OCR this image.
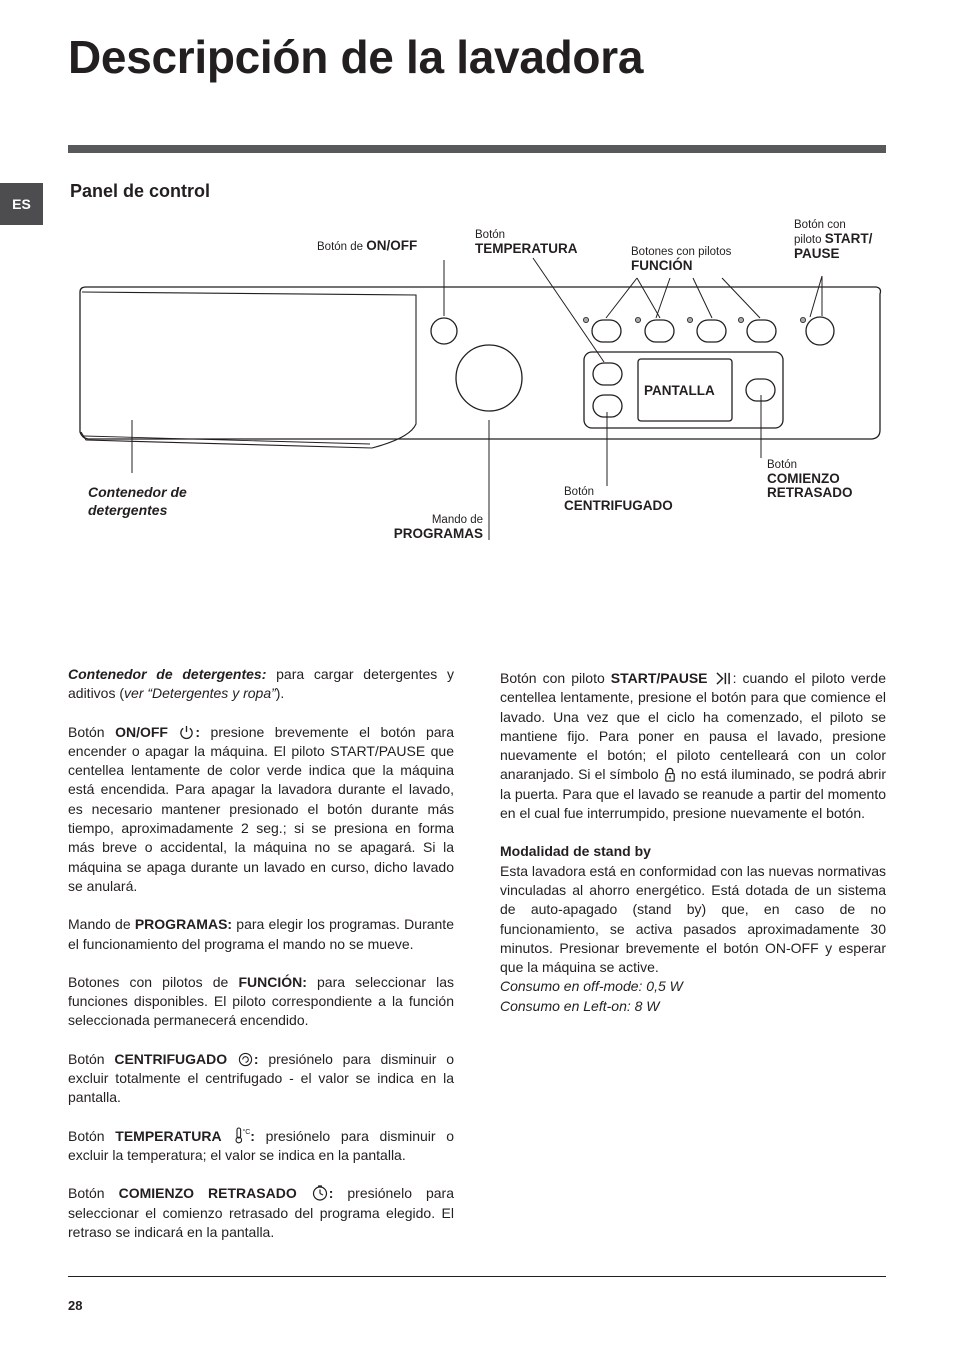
Descripción de la lavadora
ES
Panel de control
Botón de ON/OFF
Botón
TEMPERATURA	Botones con pilotos
FUNCIÓN
Botón con
piloto START/
PAUSE
PANTALLA
Contenedor de
detergentes
Mando de
PROGRAMAS
Botón
CENTRIFUGADO
Botón
COMIENZO
RETRASADO

Contenedor de detergentes: para cargar detergentes y aditivos (ver “Detergentes y ropa”).

Botón ON/OFF : presione brevemente el botón para encender o apagar la máquina. El piloto START/PAUSE que centellea lentamente de color verde indica que la máquina está encendida. Para apagar la lavadora durante el lavado, es necesario mantener presionado el botón durante más tiempo, aproximadamente 2 seg.; si se presiona en forma más breve o accidental, la máquina no se apagará. Si la máquina se apaga durante un lavado en curso, dicho lavado se anulará.

Mando de PROGRAMAS: para elegir los programas. Durante el funcionamiento del programa el mando no se mueve.

Botones con pilotos de FUNCIÓN: para seleccionar las funciones disponibles. El piloto correspondiente a la función seleccionada permanecerá encendido.

Botón CENTRIFUGADO : presiónelo para disminuir o excluir totalmente el centrifugado - el valor se indica en la pantalla.

Botón TEMPERATURA	°C : presiónelo para disminuir o excluir la temperatura; el valor se indica en la pantalla.

Botón COMIENZO RETRASADO : presiónelo para seleccionar el comienzo retrasado del programa elegido. El retraso se indicará en la pantalla.

Botón con piloto START/PAUSE : cuando el piloto verde centellea lentamente, presione el botón para que comience el lavado. Una vez que el ciclo ha comenzado, el piloto se mantiene fijo. Para poner en pausa el lavado, presione nuevamente el botón; el piloto centelleará con un color anaranjado. Si el símbolo  no está iluminado, se podrá abrir la puerta. Para que el lavado se reanude a partir del momento en el cual fue interrumpido, presione nuevamente el botón.

Modalidad de stand by
Esta lavadora está en conformidad con las nuevas normativas vinculadas al ahorro energético. Está dotada de un sistema de auto-apagado (stand by) que, en caso de no funcionamiento, se activa pasados aproximadamente 30 minutos. Presionar brevemente el botón ON-OFF y esperar que la máquina se active.
Consumo en off-mode: 0,5 W
Consumo en Left-on: 8 W
28
